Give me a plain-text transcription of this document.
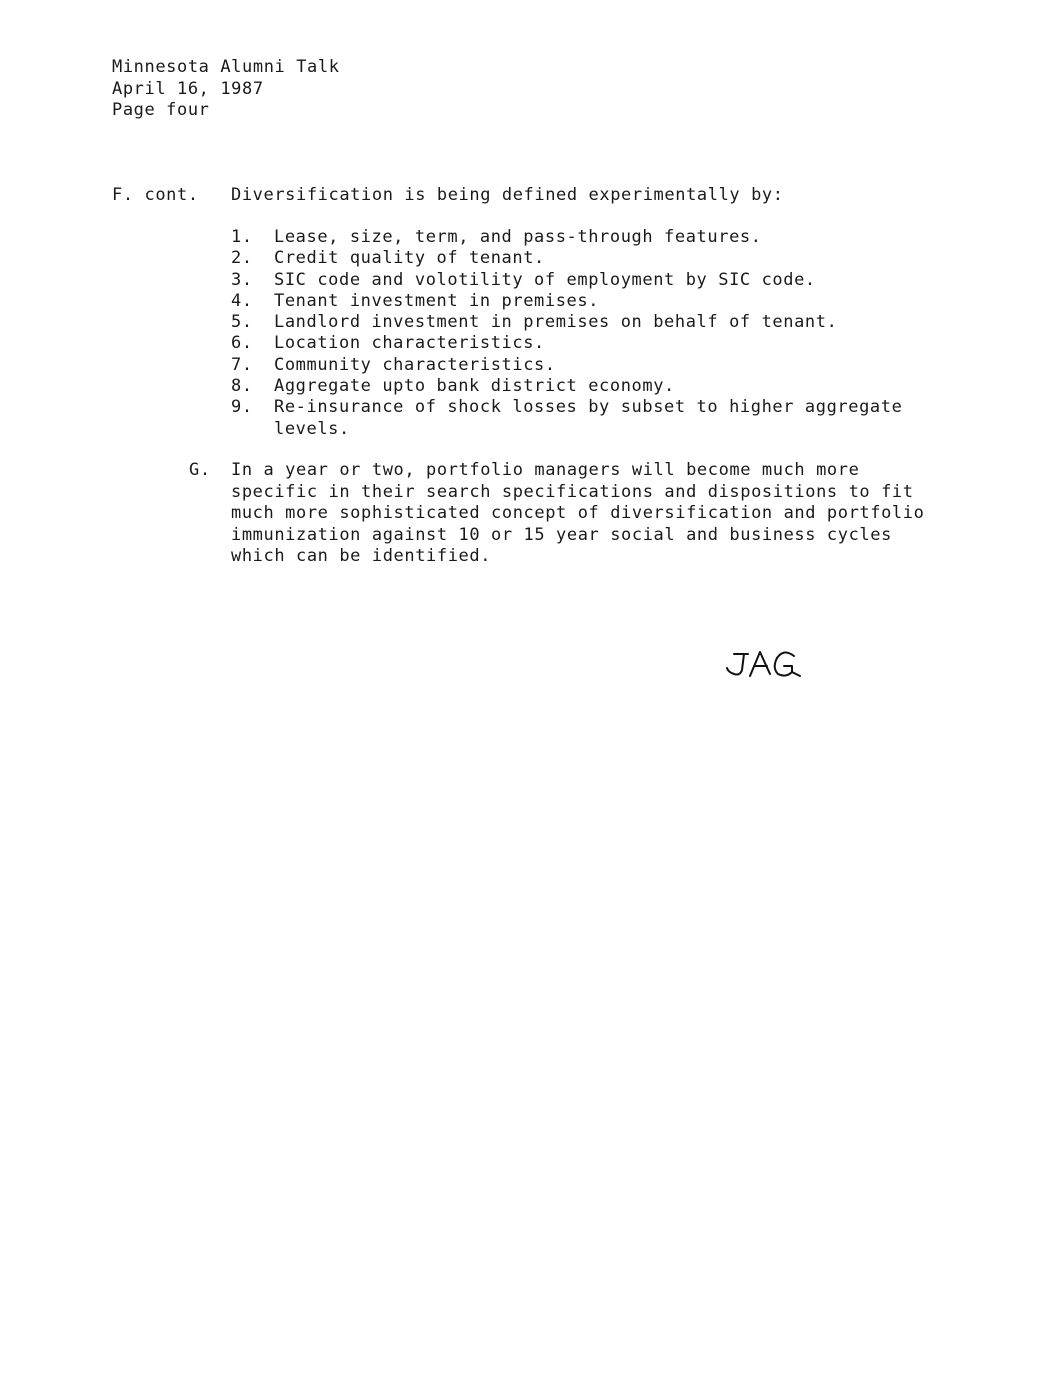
Minnesota Alumni Talk
April 16, 1987
Page four
F. cont. Diversification is being defined experimentally by:
1.	Lease, size, term, and pass-through features.
2.	Credit quality of tenant.
3.	SIC code and volotility of employment by SIC code.
4.	Tenant investment in premises.
5.	Landlord investment in premises on behalf of tenant.
6.	Location characteristics.
7.	Community characteristics.
8.	Aggregate upto bank district economy.
9.	Re-insurance of shock losses by subset to higher aggregate levels.
G. In a year or two, portfolio managers will become much more
specific in their search specifications and dispositions to fit
much more sophisticated concept of diversification and portfolio
immunization against 10 or 15 year social and business cycles
which can be identified.
